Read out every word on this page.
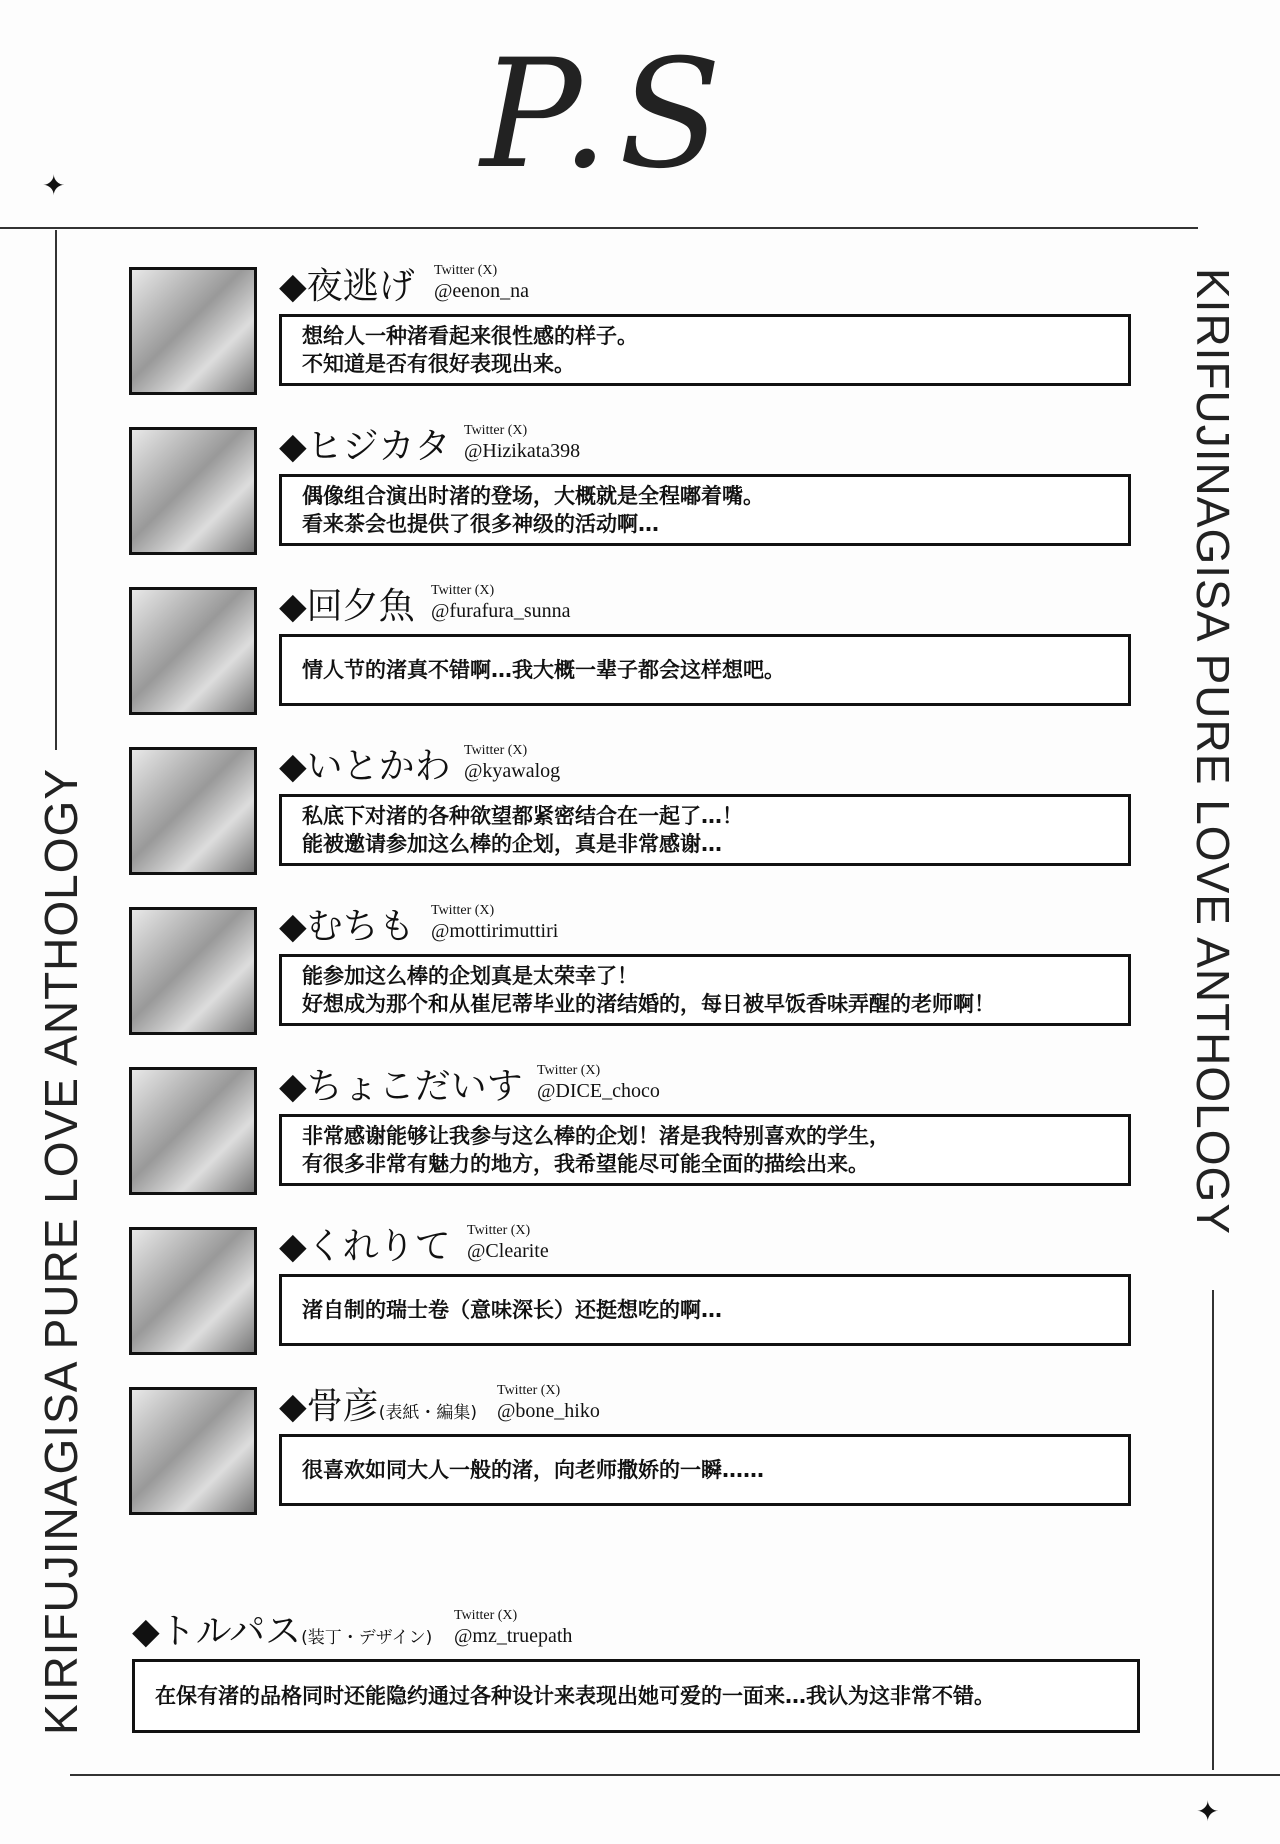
P.S
✦
KIRIFUJINAGISA PURE LOVE ANTHOLOGY
KIRIFUJINAGISA PURE LOVE ANTHOLOGY
✦
◆夜逃げ Twitter (X)
@eenon_na
想给人一种渚看起来很性感的样子。
不知道是否有很好表现出来。
◆ヒジカタ Twitter (X)
@Hizikata398
偶像组合演出时渚的登场，大概就是全程嘟着嘴。
看来茶会也提供了很多神级的活动啊…
◆回夕魚 Twitter (X)
@furafura_sunna
情人节的渚真不错啊…我大概一辈子都会这样想吧。
◆いとかわ Twitter (X)
@kyawalog
私底下对渚的各种欲望都紧密结合在一起了…！
能被邀请参加这么棒的企划，真是非常感谢…
◆むちも Twitter (X)
@mottirimuttiri
能参加这么棒的企划真是太荣幸了！
好想成为那个和从崔尼蒂毕业的渚结婚的，每日被早饭香味弄醒的老师啊！
◆ちょこだいす Twitter (X)
@DICE_choco
非常感谢能够让我参与这么棒的企划！渚是我特别喜欢的学生，
有很多非常有魅力的地方，我希望能尽可能全面的描绘出来。
◆くれりて Twitter (X)
@Clearite
渚自制的瑞士卷（意味深长）还挺想吃的啊…
◆骨彦(表紙・編集)
Twitter (X)
@bone_hiko
很喜欢如同大人一般的渚，向老师撒娇的一瞬……
◆トルパス(装丁・デザイン)
Twitter (X)
@mz_truepath
在保有渚的品格同时还能隐约通过各种设计来表现出她可爱的一面来…我认为这非常不错。
